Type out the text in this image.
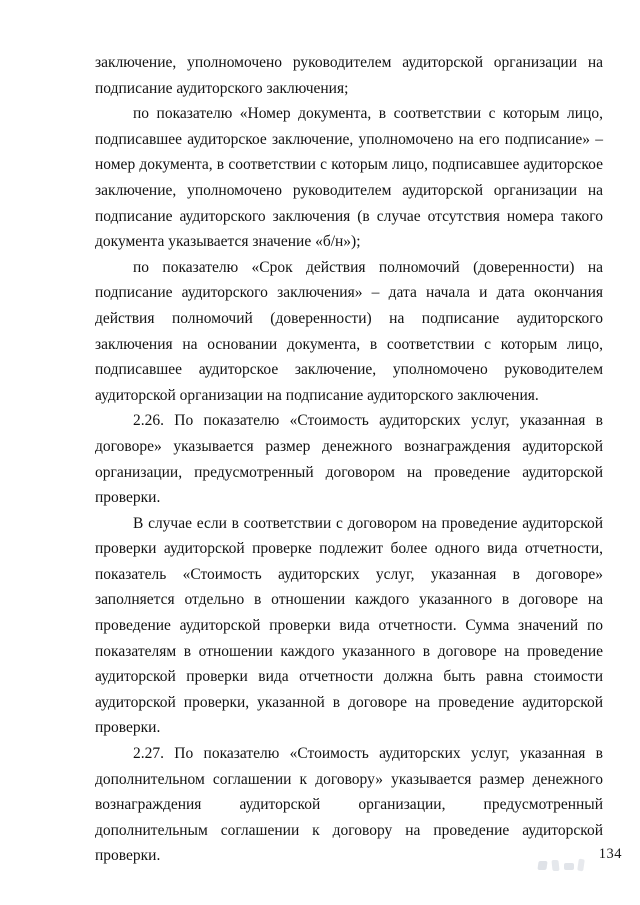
заключение, уполномочено руководителем аудиторской организации на подписание аудиторского заключения;

по показателю «Номер документа, в соответствии с которым лицо, подписавшее аудиторское заключение, уполномочено на его подписание» – номер документа, в соответствии с которым лицо, подписавшее аудиторское заключение, уполномочено руководителем аудиторской организации на подписание аудиторского заключения (в случае отсутствия номера такого документа указывается значение «б/н»);

по показателю «Срок действия полномочий (доверенности) на подписание аудиторского заключения» – дата начала и дата окончания действия полномочий (доверенности) на подписание аудиторского заключения на основании документа, в соответствии с которым лицо, подписавшее аудиторское заключение, уполномочено руководителем аудиторской организации на подписание аудиторского заключения.

2.26. По показателю «Стоимость аудиторских услуг, указанная в договоре» указывается размер денежного вознаграждения аудиторской организации, предусмотренный договором на проведение аудиторской проверки.

В случае если в соответствии с договором на проведение аудиторской проверки аудиторской проверке подлежит более одного вида отчетности, показатель «Стоимость аудиторских услуг, указанная в договоре» заполняется отдельно в отношении каждого указанного в договоре на проведение аудиторской проверки вида отчетности. Сумма значений по показателям в отношении каждого указанного в договоре на проведение аудиторской проверки вида отчетности должна быть равна стоимости аудиторской проверки, указанной в договоре на проведение аудиторской проверки.

2.27. По показателю «Стоимость аудиторских услуг, указанная в дополнительном соглашении к договору» указывается размер денежного вознаграждения аудиторской организации, предусмотренный дополнительным соглашении к договору на проведение аудиторской проверки.	134
